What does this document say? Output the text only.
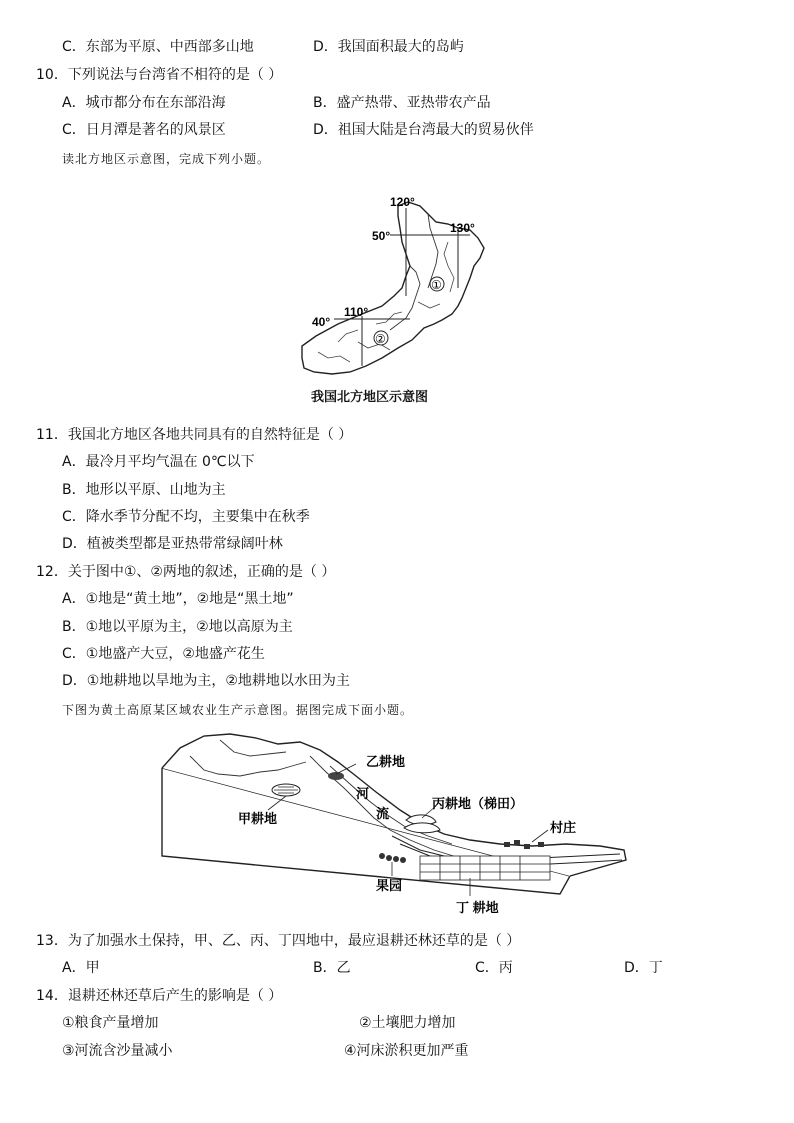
C．东部为平原、中西部多山地	D．我国面积最大的岛屿
10．下列说法与台湾省不相符的是（ ）
A．城市都分布在东部沿海	B．盛产热带、亚热带农产品
C．日月潭是著名的风景区	D．祖国大陆是台湾最大的贸易伙伴
读北方地区示意图，完成下列小题。
120°
130°
50°
110°
40°
①
②
我国北方地区示意图
11．我国北方地区各地共同具有的自然特征是（ ）
A．最冷月平均气温在 0℃以下
B．地形以平原、山地为主
C．降水季节分配不均，主要集中在秋季
D．植被类型都是亚热带常绿阔叶林
12．关于图中①、②两地的叙述，正确的是（ ）
A．①地是“黄土地”，②地是“黑土地”
B．①地以平原为主，②地以高原为主
C．①地盛产大豆，②地盛产花生
D．①地耕地以旱地为主，②地耕地以水田为主
下图为黄土高原某区域农业生产示意图。据图完成下面小题。
乙耕地
甲耕地
河
流
丙耕地（梯田）
村庄
果园
丁 耕地
13．为了加强水土保持，甲、乙、丙、丁四地中，最应退耕还林还草的是（ ）
A．甲	B．乙	C．丙	D．丁
14．退耕还林还草后产生的影响是（ ）
①粮食产量增加	②土壤肥力增加
③河流含沙量减小	④河床淤积更加严重
